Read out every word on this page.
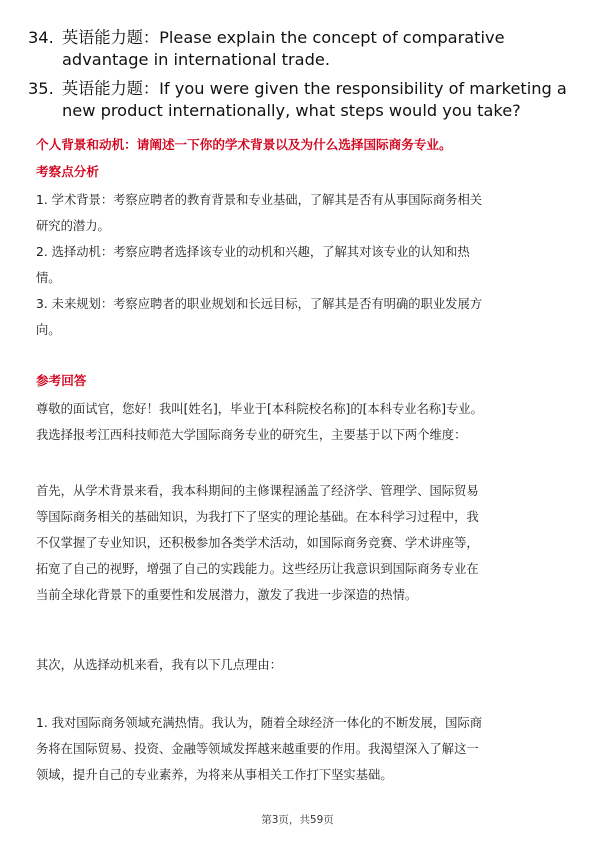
34. 英语能力题：Please explain the concept of comparative
advantage in international trade.
35. 英语能力题：If you were given the responsibility of marketing a
new product internationally, what steps would you take?
个人背景和动机：请阐述一下你的学术背景以及为什么选择国际商务专业。
考察点分析
1. 学术背景：考察应聘者的教育背景和专业基础，了解其是否有从事国际商务相关
研究的潜力。
2. 选择动机：考察应聘者选择该专业的动机和兴趣，了解其对该专业的认知和热
情。
3. 未来规划：考察应聘者的职业规划和长远目标，了解其是否有明确的职业发展方
向。
参考回答
尊敬的面试官，您好！我叫[姓名]，毕业于[本科院校名称]的[本科专业名称]专业。
我选择报考江西科技师范大学国际商务专业的研究生，主要基于以下两个维度：
首先，从学术背景来看，我本科期间的主修课程涵盖了经济学、管理学、国际贸易
等国际商务相关的基础知识，为我打下了坚实的理论基础。在本科学习过程中，我
不仅掌握了专业知识，还积极参加各类学术活动，如国际商务竞赛、学术讲座等，
拓宽了自己的视野，增强了自己的实践能力。这些经历让我意识到国际商务专业在
当前全球化背景下的重要性和发展潜力，激发了我进一步深造的热情。
其次，从选择动机来看，我有以下几点理由：
1. 我对国际商务领域充满热情。我认为，随着全球经济一体化的不断发展，国际商
务将在国际贸易、投资、金融等领域发挥越来越重要的作用。我渴望深入了解这一
领域，提升自己的专业素养，为将来从事相关工作打下坚实基础。
第3页，共59页
